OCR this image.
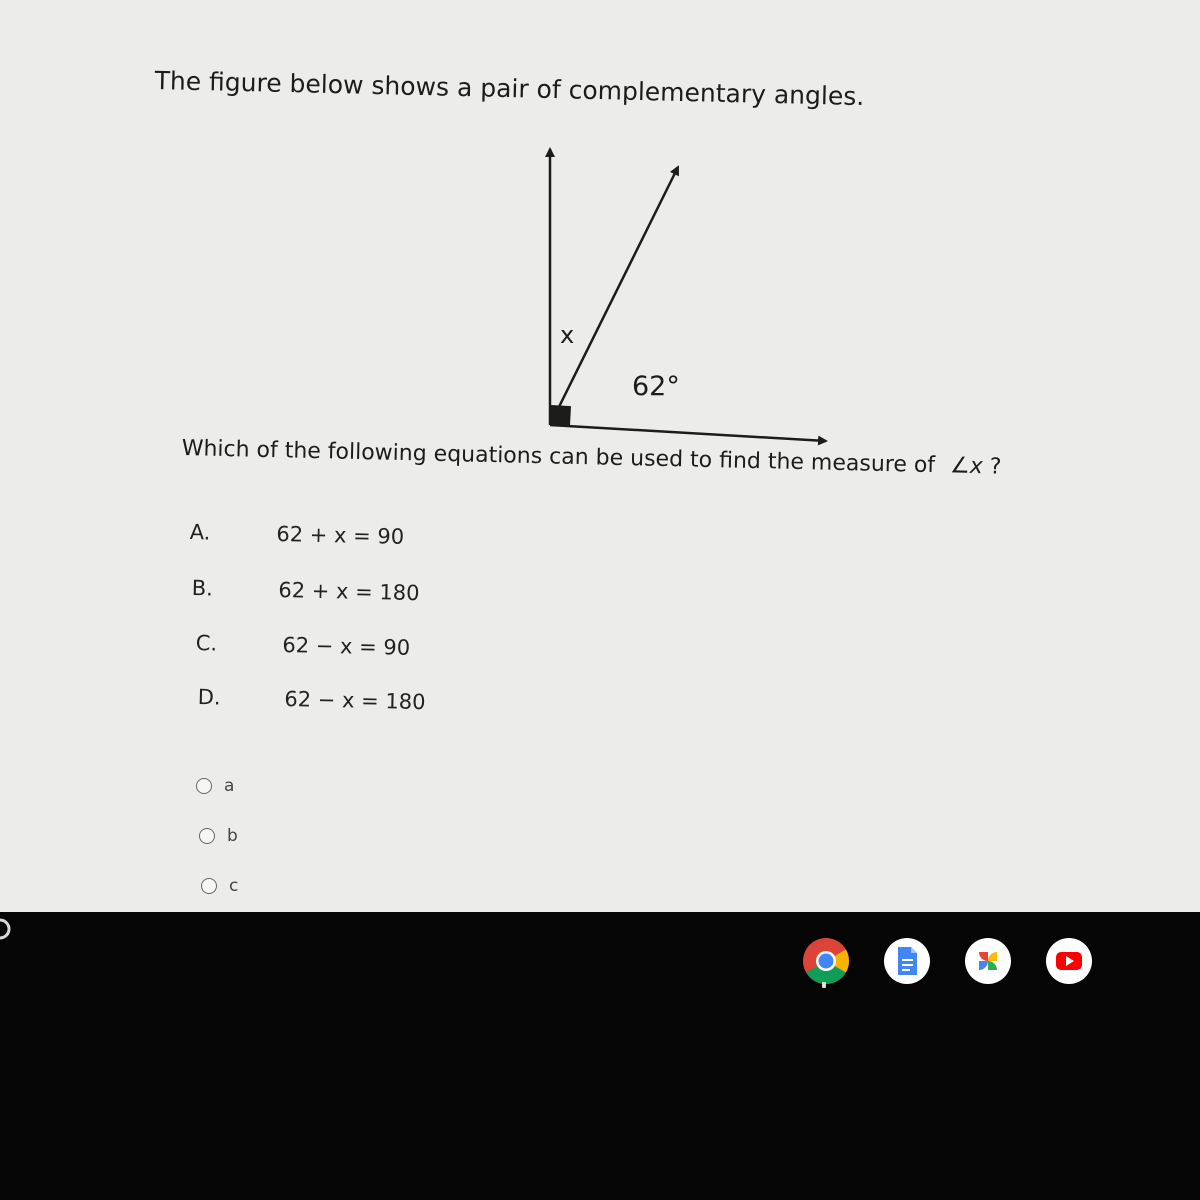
The figure below shows a pair of complementary angles.
x
62°
Which of the following equations can be used to find the measure of ∠x ?
A.	62 + x = 90
B.	62 + x = 180
C.	62 − x = 90
D.	62 − x = 180
a
b
c
